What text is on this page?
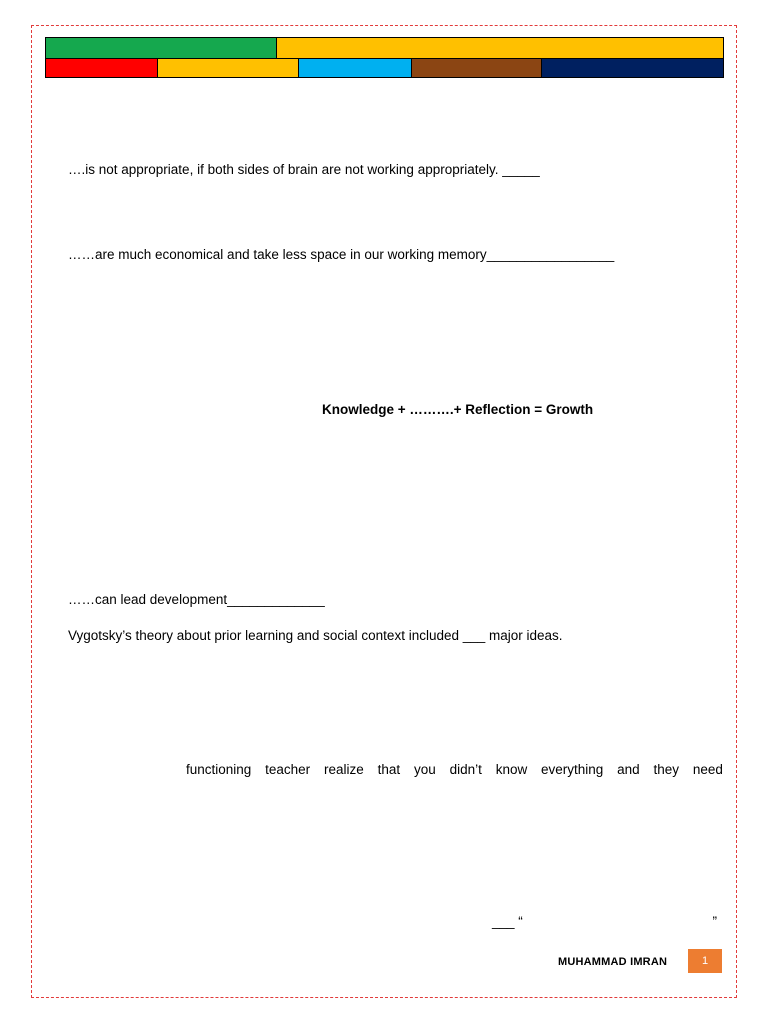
….is not appropriate, if both sides of brain are not working appropriately. _____
……are much economical and take less space in our working memory_________________
Knowledge + ……….+ Reflection = Growth
……can lead development_____________
Vygotsky’s theory about prior learning and social context included ___ major ideas.
functioning teacher realize that you didn’t know everything and they need
___ “	”
MUHAMMAD IMRAN	1
